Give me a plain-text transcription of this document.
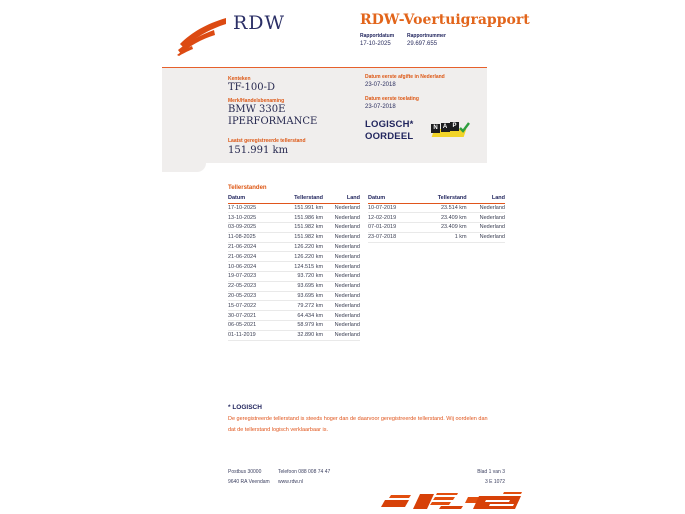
RDW	RDW-Voertuigrapport
Rapportdatum	Rapportnummer
17-10-2025	29.697.655
Kenteken
TF-100-D
Merk/Handelsbenaming
BMW 330E IPERFORMANCE
Laatst geregistreerde tellerstand
151.991 km
Datum eerste afgifte in Nederland
23-07-2018
Datum eerste toelating
23-07-2018
LOGISCH*
OORDEEL
N A P
Tellerstanden
Datum	Tellerstand	Land
17-10-2025	151.991 km	Nederland
13-10-2025	151.986 km	Nederland
03-09-2025	151.982 km	Nederland
11-08-2025	151.982 km	Nederland
21-06-2024	126.220 km	Nederland
21-06-2024	126.220 km	Nederland
10-06-2024	124.515 km	Nederland
19-07-2023	93.720 km	Nederland
22-05-2023	93.695 km	Nederland
20-05-2023	93.695 km	Nederland
15-07-2022	79.272 km	Nederland
30-07-2021	64.434 km	Nederland
06-05-2021	58.979 km	Nederland
01-11-2019	32.890 km	Nederland
Datum	Tellerstand	Land
10-07-2019	23.514 km	Nederland
12-02-2019	23.409 km	Nederland
07-01-2019	23.409 km	Nederland
23-07-2018	1 km	Nederland
* LOGISCH
De geregistreerde tellerstand is steeds hoger dan de daarvoor geregistreerde tellerstand. Wij oordelen dan
dat de tellerstand logisch verklaarbaar is.
Postbus 30000
9640 RA Veendam
Telefoon 088 008 74 47
www.rdw.nl
Blad 1 van 3
3 E 1072
